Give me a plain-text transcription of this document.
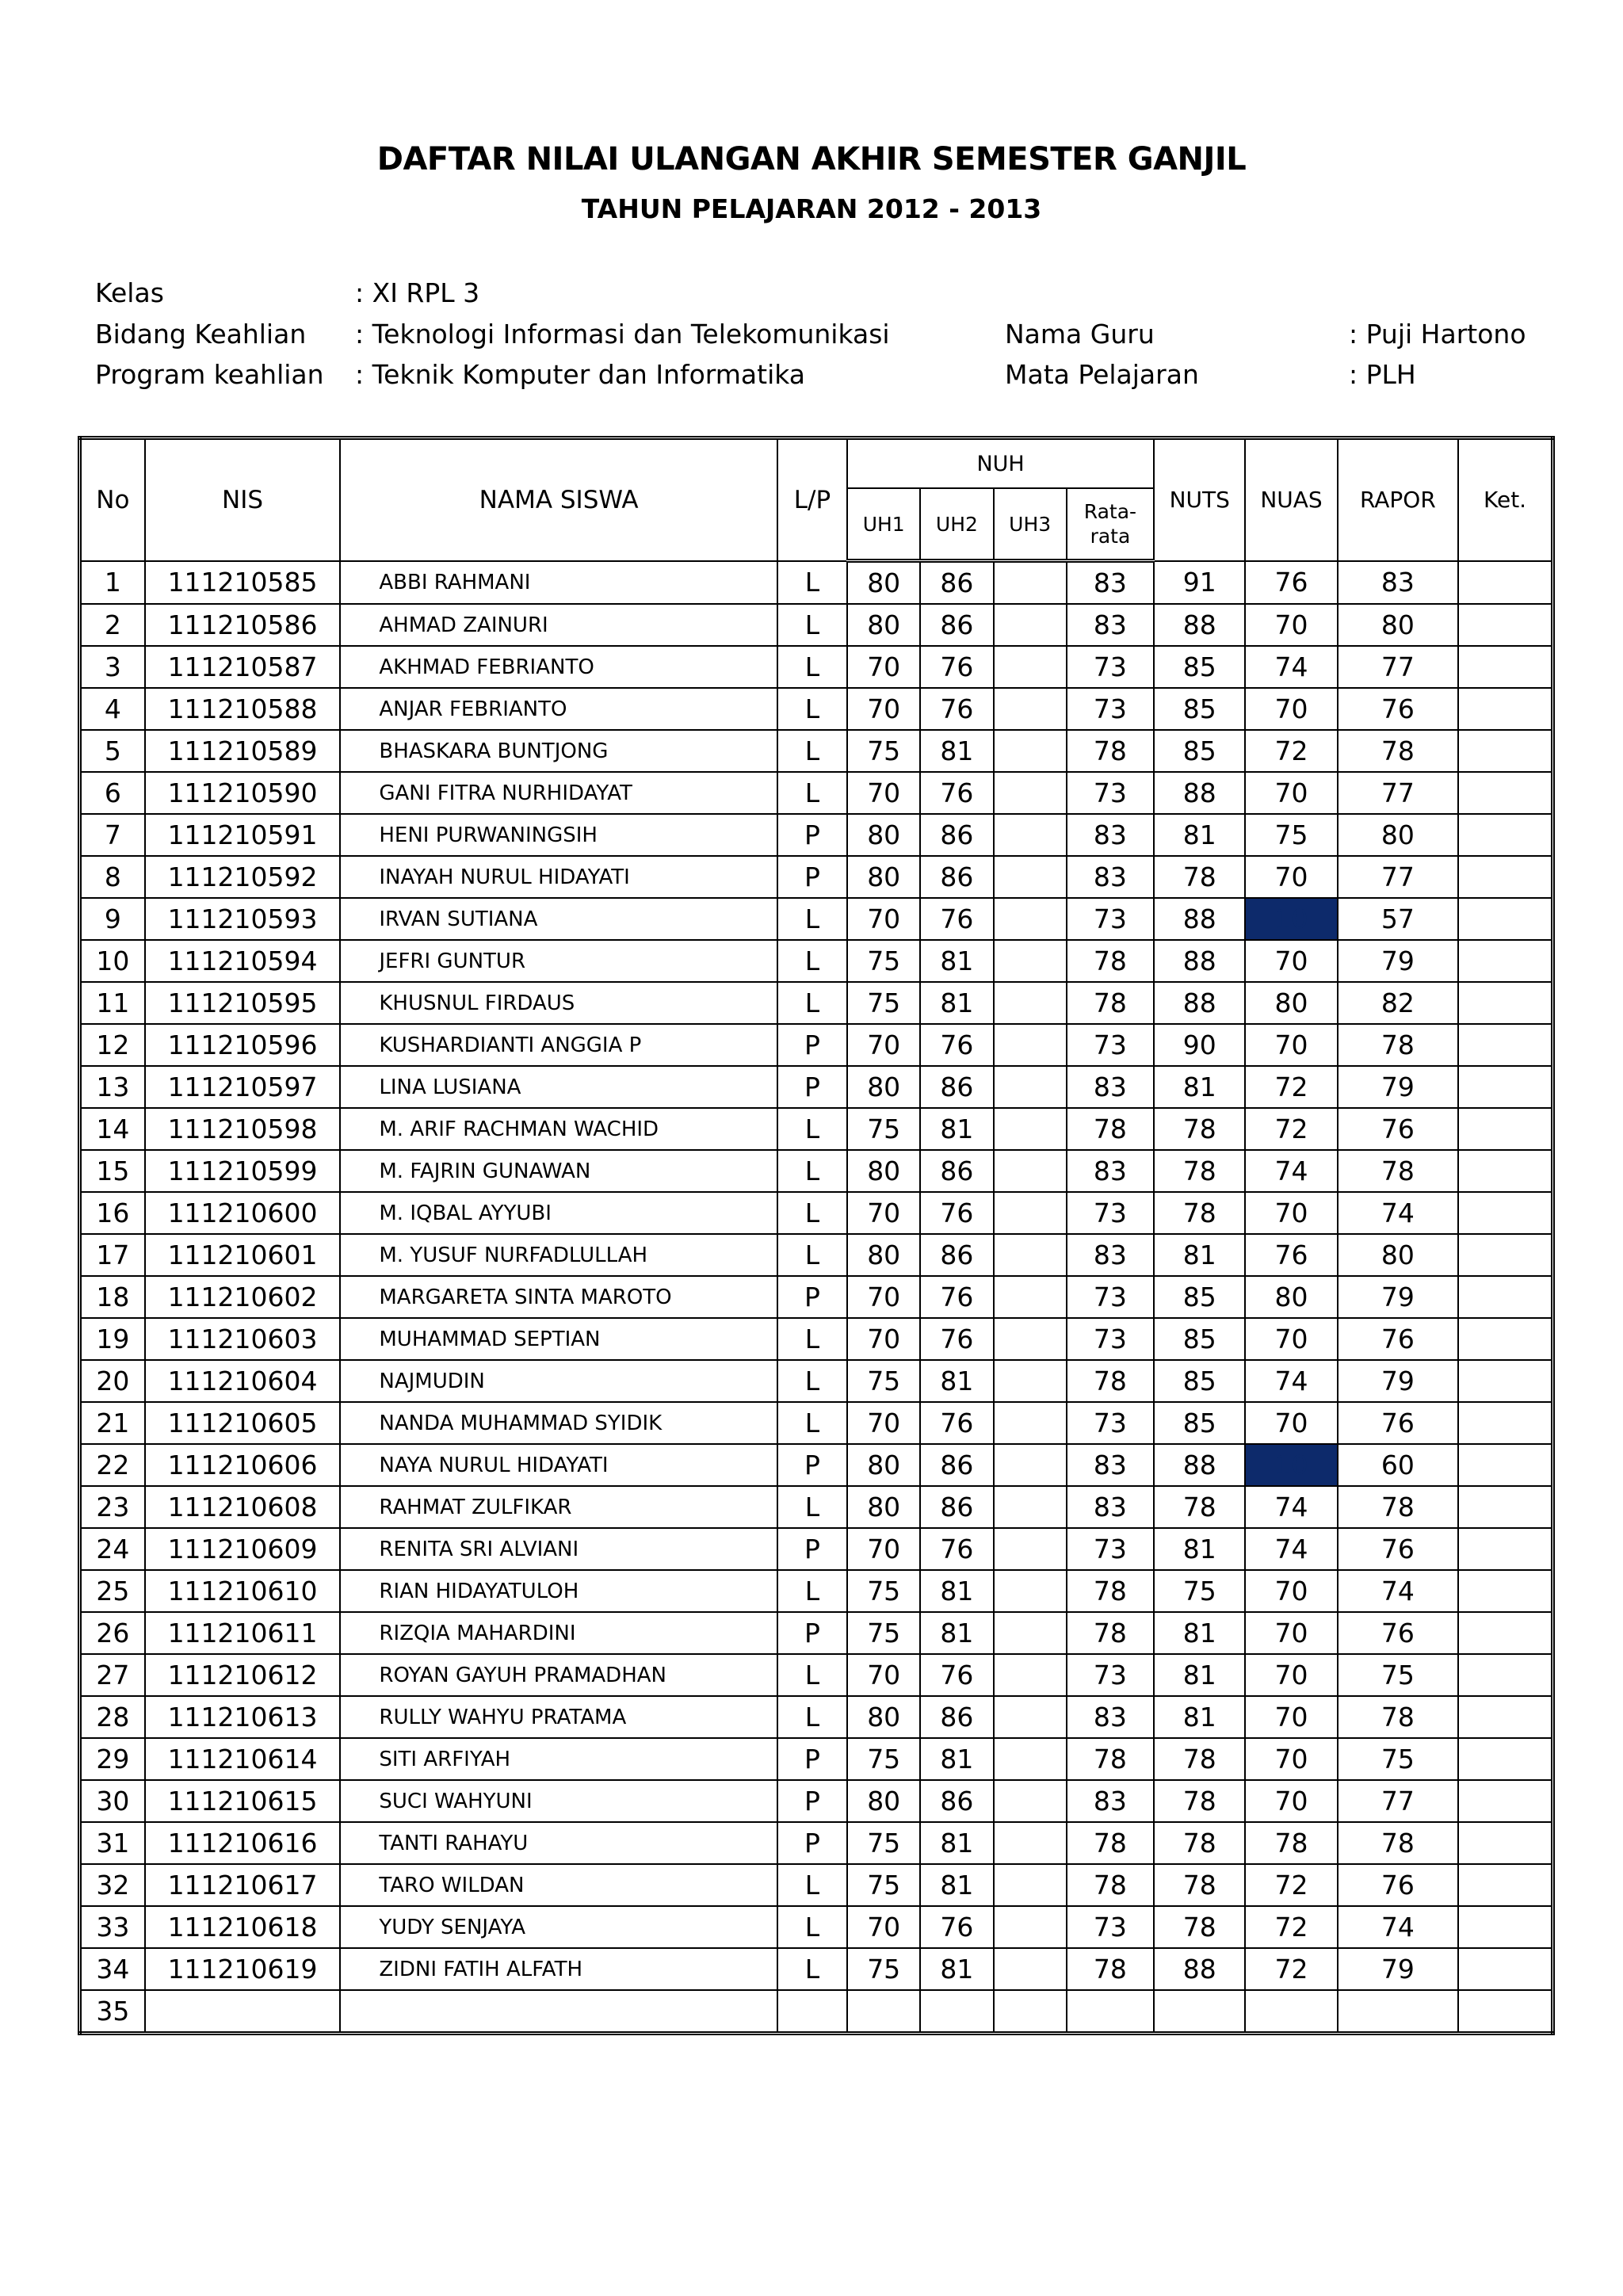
DAFTAR NILAI ULANGAN AKHIR SEMESTER GANJIL
TAHUN PELAJARAN 2012 - 2013
Kelas	: XI RPL 3
Bidang Keahlian : Teknologi Informasi dan Telekomunikasi
Program keahlian : Teknik Komputer dan Informatika
Nama Guru	: Puji Hartono
Mata Pelajaran	: PLH
No	NIS	NAMA SISWA	L/P	NUH				NUTS	NUAS	RAPOR	Ket.
				UH1	UH2	UH3	Rata-
rata				

1	111210585	ABBI RAHMANI	L	80	86		83	91	76	83	
2	111210586	AHMAD ZAINURI	L	80	86		83	88	70	80	
3	111210587	AKHMAD FEBRIANTO	L	70	76		73	85	74	77	
4	111210588	ANJAR FEBRIANTO	L	70	76		73	85	70	76	
5	111210589	BHASKARA BUNTJONG	L	75	81		78	85	72	78	
6	111210590	GANI FITRA NURHIDAYAT	L	70	76		73	88	70	77	
7	111210591	HENI PURWANINGSIH	P	80	86		83	81	75	80	
8	111210592	INAYAH NURUL HIDAYATI	P	80	86		83	78	70	77	
9	111210593	IRVAN SUTIANA	L	70	76		73	88	10	57	
10	111210594	JEFRI GUNTUR	L	75	81		78	88	70	79	
11	111210595	KHUSNUL FIRDAUS	L	75	81		78	88	80	82	
12	111210596	KUSHARDIANTI ANGGIA P	P	70	76		73	90	70	78	
13	111210597	LINA LUSIANA	P	80	86		83	81	72	79	
14	111210598	M. ARIF RACHMAN WACHID	L	75	81		78	78	72	76	
15	111210599	M. FAJRIN GUNAWAN	L	80	86		83	78	74	78	
16	111210600	M. IQBAL AYYUBI	L	70	76		73	78	70	74	
17	111210601	M. YUSUF NURFADLULLAH	L	80	86		83	81	76	80	
18	111210602	MARGARETA SINTA MAROTO	P	70	76		73	85	80	79	
19	111210603	MUHAMMAD SEPTIAN	L	70	76		73	85	70	76	
20	111210604	NAJMUDIN	L	75	81		78	85	74	79	
21	111210605	NANDA MUHAMMAD SYIDIK	L	70	76		73	85	70	76	
22	111210606	NAYA NURUL HIDAYATI	P	80	86		83	88	10	60	
23	111210608	RAHMAT ZULFIKAR	L	80	86		83	78	74	78	
24	111210609	RENITA SRI ALVIANI	P	70	76		73	81	74	76	
25	111210610	RIAN HIDAYATULOH	L	75	81		78	75	70	74	
26	111210611	RIZQIA MAHARDINI	P	75	81		78	81	70	76	
27	111210612	ROYAN GAYUH PRAMADHAN	L	70	76		73	81	70	75	
28	111210613	RULLY WAHYU PRATAMA	L	80	86		83	81	70	78	
29	111210614	SITI ARFIYAH	P	75	81		78	78	70	75	
30	111210615	SUCI WAHYUNI	P	80	86		83	78	70	77	
31	111210616	TANTI RAHAYU	P	75	81		78	78	78	78	
32	111210617	TARO WILDAN	L	75	81		78	78	72	76	
33	111210618	YUDY SENJAYA	L	70	76		73	78	72	74	
34	111210619	ZIDNI FATIH ALFATH	L	75	81		78	88	72	79	
35											
